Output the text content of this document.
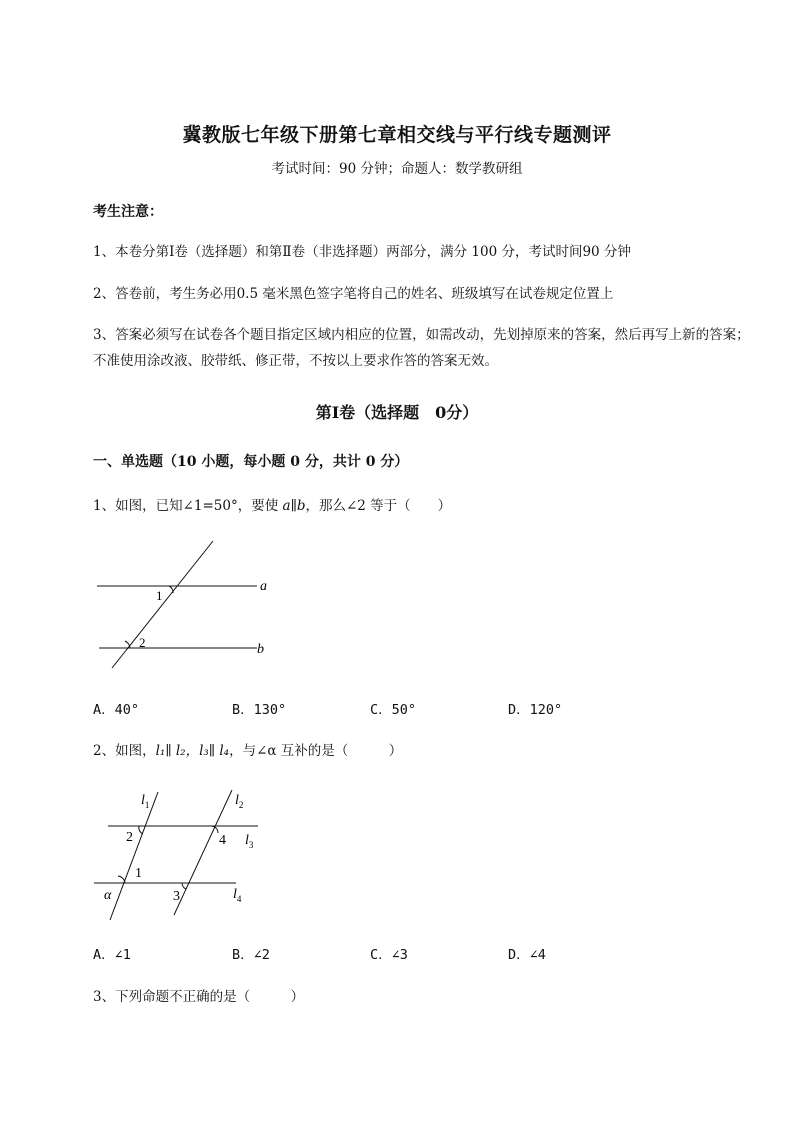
冀教版七年级下册第七章相交线与平行线专题测评
考试时间：90 分钟；命题人：数学教研组
考生注意：
1、本卷分第Ⅰ卷（选择题）和第Ⅱ卷（非选择题）两部分，满分 100 分，考试时间90 分钟
2、答卷前，考生务必用0.5 毫米黑色签字笔将自己的姓名、班级填写在试卷规定位置上
3、答案必须写在试卷各个题目指定区域内相应的位置，如需改动，先划掉原来的答案，然后再写上新的答案；不准使用涂改液、胶带纸、修正带，不按以上要求作答的答案无效。
第Ⅰ卷（选择题　0分）
一、单选题（10 小题，每小题 0 分，共计 0 分）
1、如图，已知∠1=50°，要使 a∥b，那么∠2 等于（　　）
a
b
1
2
A．40°	B．130°	C．50°	D．120°
2、如图，l₁∥ l₂，l₃∥ l₄，与∠α 互补的是（　　　）
$l_1$	$l_2$
$l_3$
$l_4$
2	4
1
3
α
A．∠1	B．∠2	C．∠3	D．∠4
3、下列命题不正确的是（　　　）
